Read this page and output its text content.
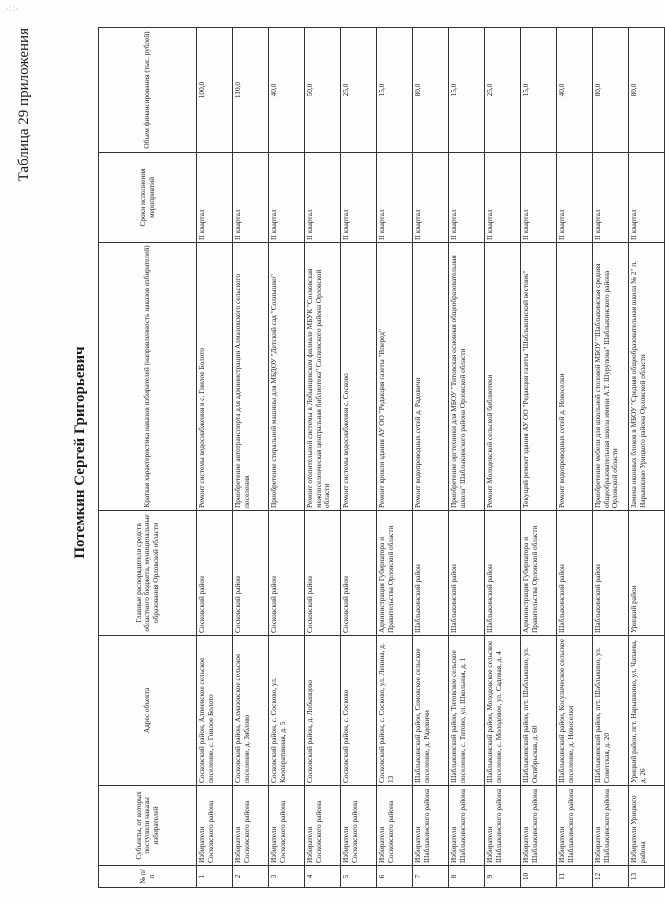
·: :·
Таблица 29 приложения
Потемкин Сергей Григорьевич
№ п/п	Субъекты, от которых поступили наказы избирателей	Адрес объекта	Главные распорядители средств областного бюджета, муниципальные образования Орловской области	Краткая характеристика наказов избирателей (направленность наказов избирателей)	Сроки исполнения мероприятий	Объем финансирования (тыс. рублей)
1	Избиратели Сосковского района	Сосковский район, Алпеевское сельское поселение, с. Гнилое Болото	Сосковский район	Ремонт системы водоснабжения в с. Гнилое Болото	II квартал	100,0
2	Избиратели Сосковского района	Сосковский район, Алмазовское сельское поселение, д. Зяблово	Сосковский район	Приобретение автотранспорта для администрации Алмазовского сельского поселения	II квартал	110,0
3	Избиратели Сосковского района	Сосковский район, с. Сосково, ул. Кооперативная, д. 5	Сосковский район	Приобретение стиральной машины для МБДОУ "Детский сад "Солнышко"	II квартал	40,0
4	Избиратели Сосковского района	Сосковский район, д. Лобынцево	Сосковский район	Ремонт отопительной системы в Лобынцевском филиале МБУК "Сосковская межпоселенческая центральная библиотека" Сосковского района Орловской области	II квартал	50,0
5	Избиратели Сосковского района	Сосковский район, с. Сосково	Сосковский район	Ремонт системы водоснабжения с. Сосково	II квартал	25,0
6	Избиратели Сосковского района	Сосковский район, с. Сосково, ул. Ленина, д. 13	Администрация Губернатора и Правительства Орловской области	Ремонт кровли здания АУ ОО "Редакция газеты "Вперед"	II квартал	15,0
7	Избиратели Шаблыкинского района	Шаблыкинский район, Сомовское сельское поселение, д. Радовичи	Шаблыкинский район	Ремонт водопроводных сетей д. Радовичи	II квартал	80,0
8	Избиратели Шаблыкинского района	Шаблыкинский район, Титовское сельское поселение, с. Титово, ул. Школьная, д. 1	Шаблыкинский район	Приобретение оргтехники для МБОУ "Титовская основная общеобразовательная школа" Шаблыкинского района Орловской области	II квартал	15,0
9	Избиратели Шаблыкинского района	Шаблыкинский район, Молодовское сельское поселение, с. Молодовое, ул. Садовая, д. 4	Шаблыкинский район	Ремонт Молодовской сельской библиотеки	II квартал	25,0
10	Избиратели Шаблыкинского района	Шаблыкинский район, пгт. Шаблыкино, ул. Октябрьская, д. 60	Администрация Губернатора и Правительства Орловской области	Текущий ремонт здания АУ ОО "Редакция газеты "Шаблыкинский вестник"	II квартал	15,0
11	Избиратели Шаблыкинского района	Шаблыкинский район, Косулическое сельское поселение, д. Новоселки	Шаблыкинский район	Ремонт водопроводных сетей д. Новоселки	II квартал	40,0
12	Избиратели Шаблыкинского района	Шаблыкинский район, пгт. Шаблыкино, ул. Советская, д. 20	Шаблыкинский район	Приобретение мебели для школьной столовой МБОУ "Шаблыкинская средняя общеобразовательная школа имени А.Т. Шурупова" Шаблыкинского района Орловской области	II квартал	80,0
13	Избиратели Урицкого района	Урицкий район, пгт. Нарышкино, ул. Чапаева, д. 26	Урицкий район	Замена оконных блоков в МБОУ "Средняя общеобразовательная школа № 2" п. Нарышкино Урицкого района Орловской области	II квартал	80,0
